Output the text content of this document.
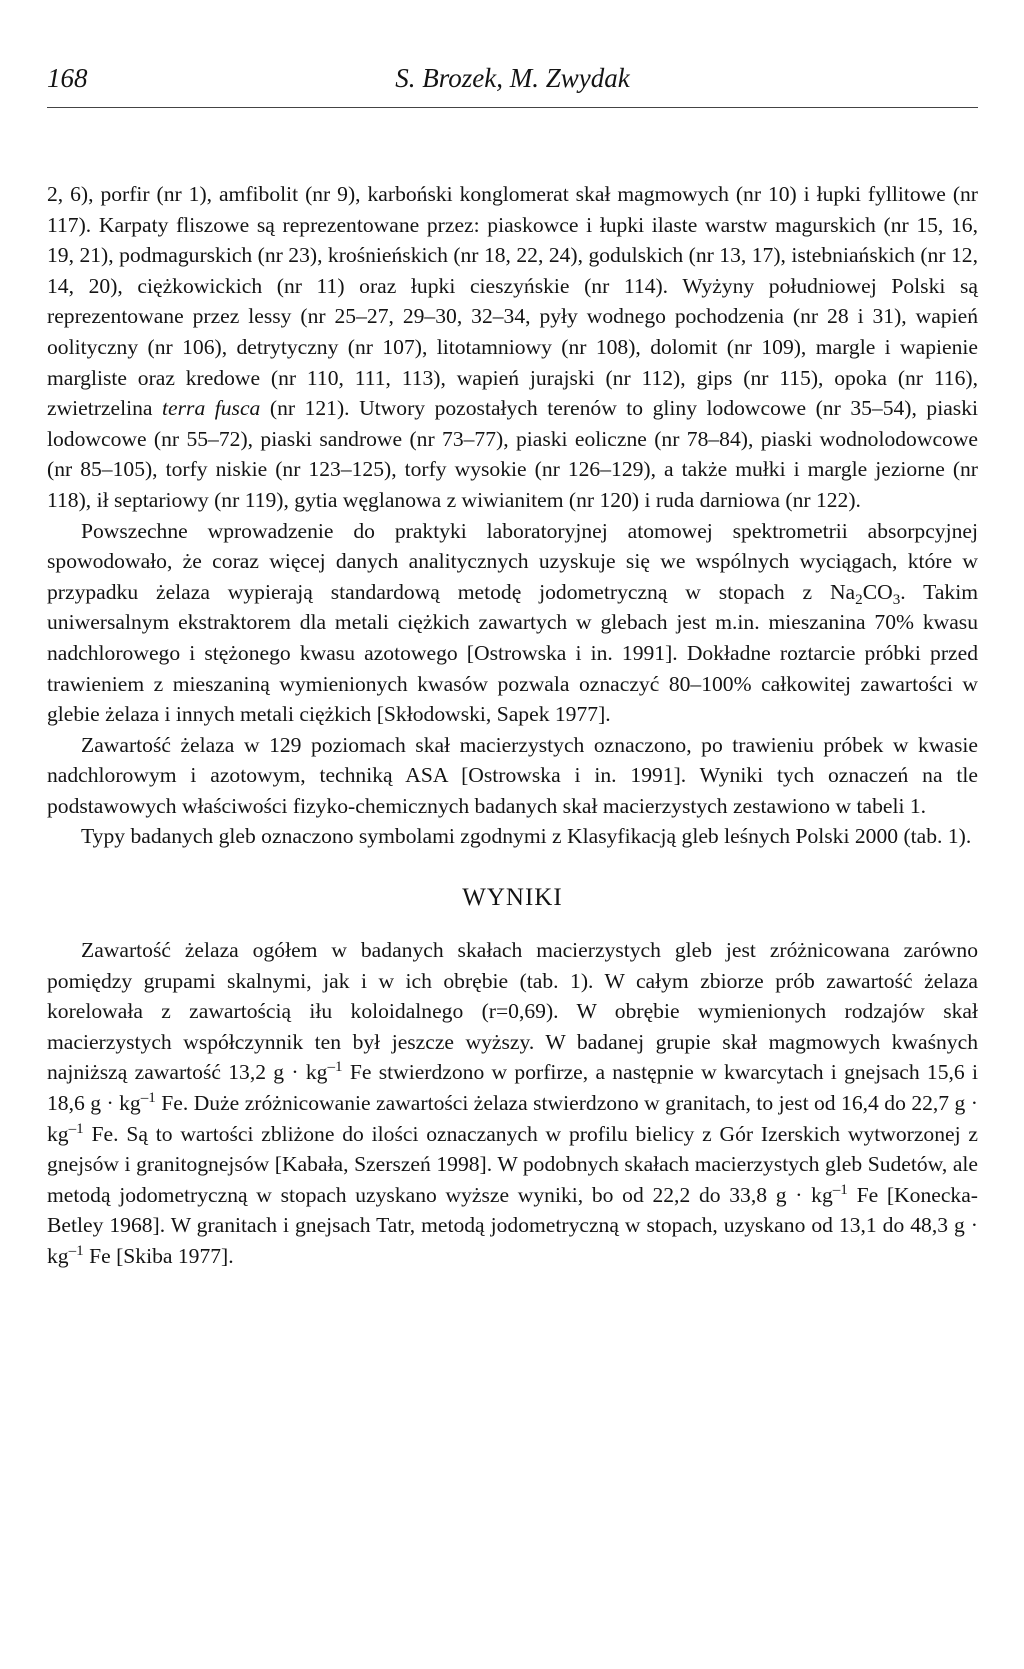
168	S. Brozek, M. Zwydak

2, 6), porfir (nr 1), amfibolit (nr 9), karboński konglomerat skał magmowych (nr 10) i łupki fyllitowe (nr 117). Karpaty fliszowe są reprezentowane przez: piaskowce i łupki ilaste warstw magurskich (nr 15, 16, 19, 21), podmagurskich (nr 23), krośnieńskich (nr 18, 22, 24), godulskich (nr 13, 17), istebniańskich (nr 12, 14, 20), ciężkowickich (nr 11) oraz łupki cieszyńskie (nr 114). Wyżyny południowej Polski są reprezentowane przez lessy (nr 25–27, 29–30, 32–34, pyły wodnego pochodzenia (nr 28 i 31), wapień oolityczny (nr 106), detrytyczny (nr 107), litotamniowy (nr 108), dolomit (nr 109), margle i wapienie margliste oraz kredowe (nr 110, 111, 113), wapień jurajski (nr 112), gips (nr 115), opoka (nr 116), zwietrzelina terra fusca (nr 121). Utwory pozostałych terenów to gliny lodowcowe (nr 35–54), piaski lodowcowe (nr 55–72), piaski sandrowe (nr 73–77), piaski eoliczne (nr 78–84), piaski wodnolodowcowe (nr 85–105), torfy niskie (nr 123–125), torfy wysokie (nr 126–129), a także mułki i margle jeziorne (nr 118), ił septariowy (nr 119), gytia węglanowa z wiwianitem (nr 120) i ruda darniowa (nr 122).

Powszechne wprowadzenie do praktyki laboratoryjnej atomowej spektrometrii absorpcyjnej spowodowało, że coraz więcej danych analitycznych uzyskuje się we wspólnych wyciągach, które w przypadku żelaza wypierają standardową metodę jodometryczną w stopach z $Na_2CO_3$. Takim uniwersalnym ekstraktorem dla metali ciężkich zawartych w glebach jest m.in. mieszanina 70% kwasu nadchlorowego i stężonego kwasu azotowego [Ostrowska i in. 1991]. Dokładne roztarcie próbki przed trawieniem z mieszaniną wymienionych kwasów pozwala oznaczyć 80–100% całkowitej zawartości w glebie żelaza i innych metali ciężkich [Skłodowski, Sapek 1977].

Zawartość żelaza w 129 poziomach skał macierzystych oznaczono, po trawieniu próbek w kwasie nadchlorowym i azotowym, techniką ASA [Ostrowska i in. 1991]. Wyniki tych oznaczeń na tle podstawowych właściwości fizyko-chemicznych badanych skał macierzystych zestawiono w tabeli 1.

Typy badanych gleb oznaczono symbolami zgodnymi z Klasyfikacją gleb leśnych Polski 2000 (tab. 1).

WYNIKI

Zawartość żelaza ogółem w badanych skałach macierzystych gleb jest zróżnicowana zarówno pomiędzy grupami skalnymi, jak i w ich obrębie (tab. 1). W całym zbiorze prób zawartość żelaza korelowała z zawartością iłu koloidalnego (r=0,69). W obrębie wymienionych rodzajów skał macierzystych współczynnik ten był jeszcze wyższy. W badanej grupie skał magmowych kwaśnych najniższą zawartość 13,2 $g \cdot kg^{-1}$ Fe stwierdzono w porfirze, a następnie w kwarcytach i gnejsach 15,6 i 18,6 $g \cdot kg^{-1}$ Fe. Duże zróżnicowanie zawartości żelaza stwierdzono w granitach, to jest od 16,4 do 22,7 $g \cdot kg^{-1}$ Fe. Są to wartości zbliżone do ilości oznaczanych w profilu bielicy z Gór Izerskich wytworzonej z gnejsów i granitognejsów [Kabała, Szerszeń 1998]. W podobnych skałach macierzystych gleb Sudetów, ale metodą jodometryczną w stopach uzyskano wyższe wyniki, bo od 22,2 do 33,8 $g \cdot kg^{-1}$ Fe [Konecka-Betley 1968]. W granitach i gnejsach Tatr, metodą jodometryczną w stopach, uzyskano od 13,1 do 48,3 $g \cdot kg^{-1}$ Fe [Skiba 1977].
